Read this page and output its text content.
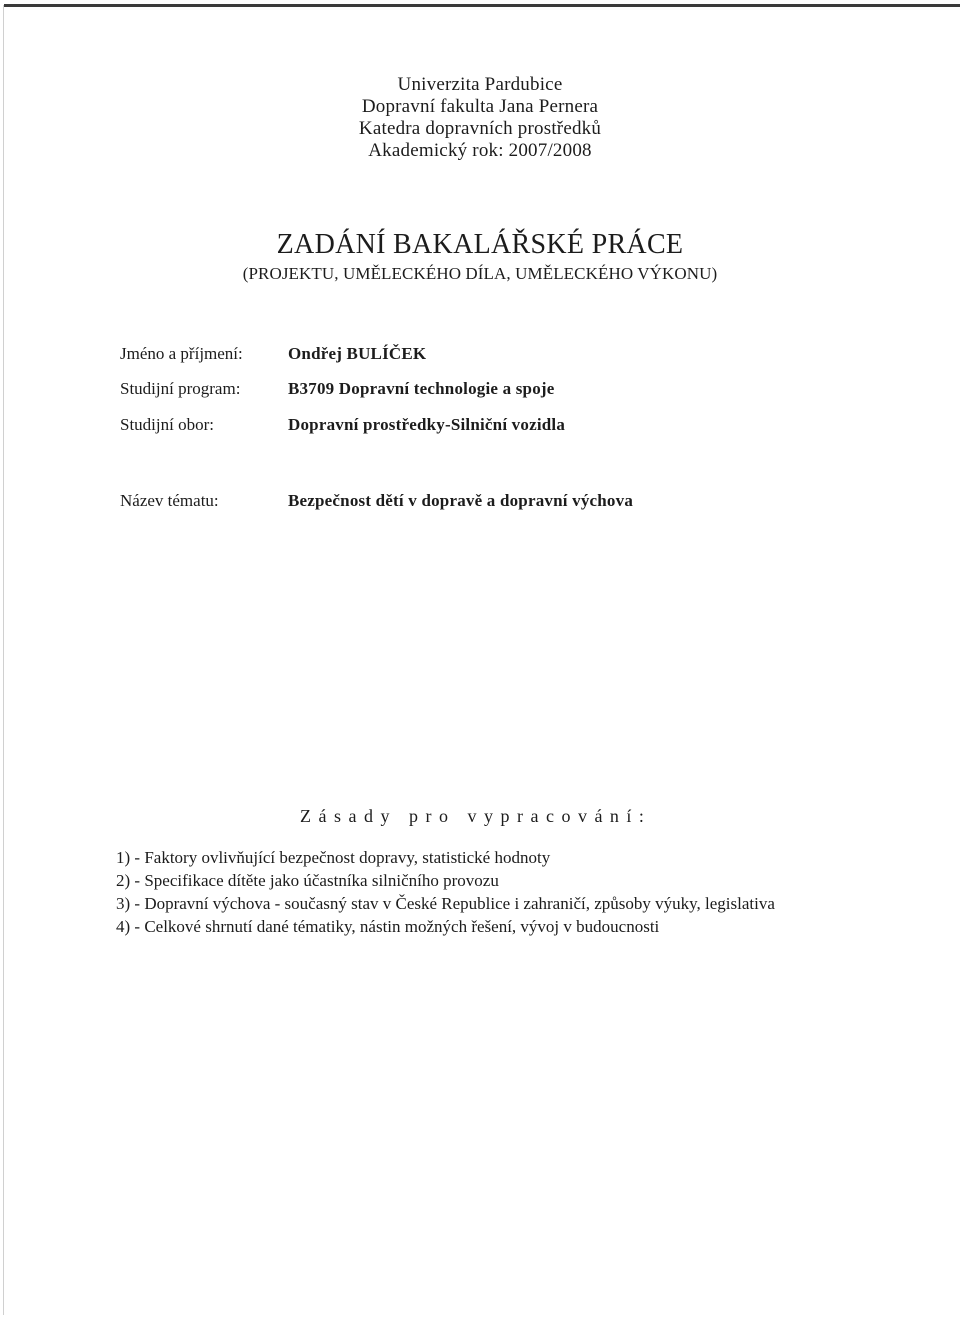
Univerzita Pardubice
Dopravní fakulta Jana Pernera
Katedra dopravních prostředků
Akademický rok: 2007/2008
ZADÁNÍ BAKALÁŘSKÉ PRÁCE
(PROJEKTU, UMĚLECKÉHO DÍLA, UMĚLECKÉHO VÝKONU)
Jméno a příjmení:	Ondřej BULÍČEK
Studijní program:	B3709 Dopravní technologie a spoje
Studijní obor:	Dopravní prostředky-Silniční vozidla
Název tématu:	Bezpečnost dětí v dopravě a dopravní výchova
Zásady pro vypracování:
1) - Faktory ovlivňující bezpečnost dopravy, statistické hodnoty
2) - Specifikace dítěte jako účastníka silničního provozu
3) - Dopravní výchova - současný stav v České Republice i zahraničí, způsoby výuky, legislativa
4) - Celkové shrnutí dané tématiky, nástin možných řešení, vývoj v budoucnosti
